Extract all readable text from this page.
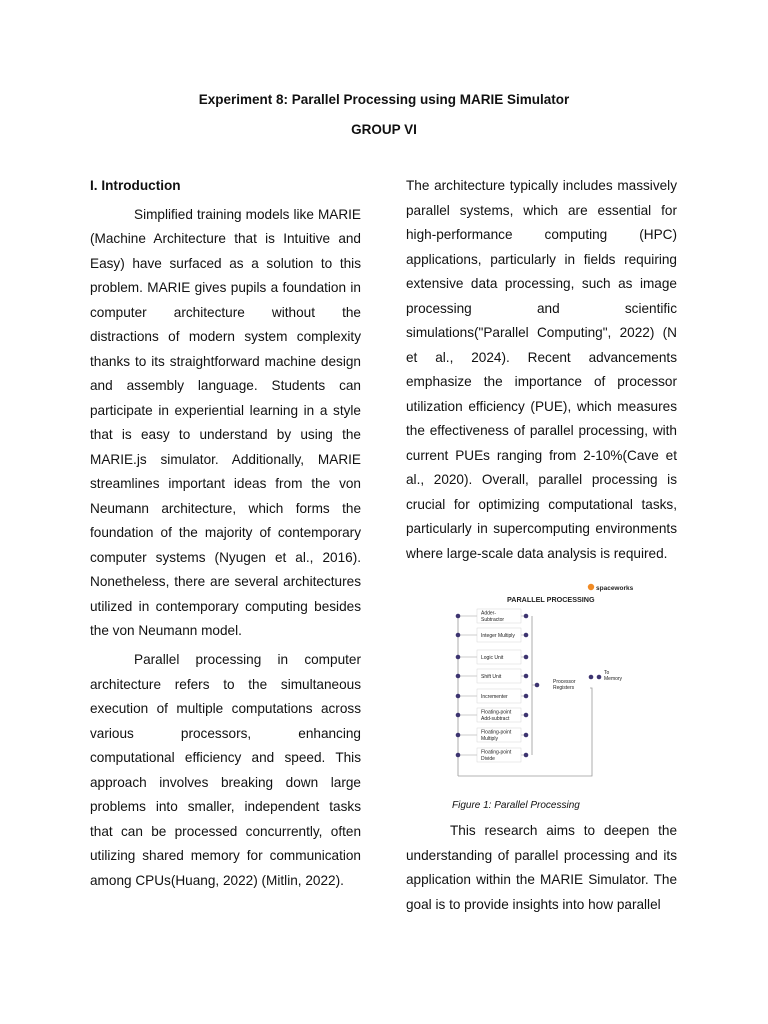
Experiment 8: Parallel Processing using MARIE Simulator
GROUP VI
I. Introduction

Simplified training models like MARIE (Machine Architecture that is Intuitive and Easy) have surfaced as a solution to this problem. MARIE gives pupils a foundation in computer architecture without the distractions of modern system complexity thanks to its straightforward machine design and assembly language. Students can participate in experiential learning in a style that is easy to understand by using the MARIE.js simulator. Additionally, MARIE streamlines important ideas from the von Neumann architecture, which forms the foundation of the majority of contemporary computer systems (Nyugen et al., 2016). Nonetheless, there are several architectures utilized in contemporary computing besides the von Neumann model.

Parallel processing in computer architecture refers to the simultaneous execution of multiple computations across various processors, enhancing computational efficiency and speed. This approach involves breaking down large problems into smaller, independent tasks that can be processed concurrently, often utilizing shared memory for communication among CPUs(Huang, 2022) (Mitlin, 2022).

The architecture typically includes massively parallel systems, which are essential for high-performance computing (HPC) applications, particularly in fields requiring extensive data processing, such as image processing and scientific simulations("Parallel Computing", 2022) (N et al., 2024). Recent advancements emphasize the importance of processor utilization efficiency (PUE), which measures the effectiveness of parallel processing, with current PUEs ranging from 2-10%(Cave et al., 2020). Overall, parallel processing is crucial for optimizing computational tasks, particularly in supercomputing environments where large-scale data analysis is required.

spaceworks
PARALLEL PROCESSING
Adder-
Subtractor
Integer Multiply
Logic Unit
Shift Unit
Incrementer
Floating-point
Add-subtract
Floating-point
Multiply
Floating-point
Divide
Processor
Registers
To
Memory
Figure 1: Parallel Processing

This research aims to deepen the understanding of parallel processing and its application within the MARIE Simulator. The goal is to provide insights into how parallel
